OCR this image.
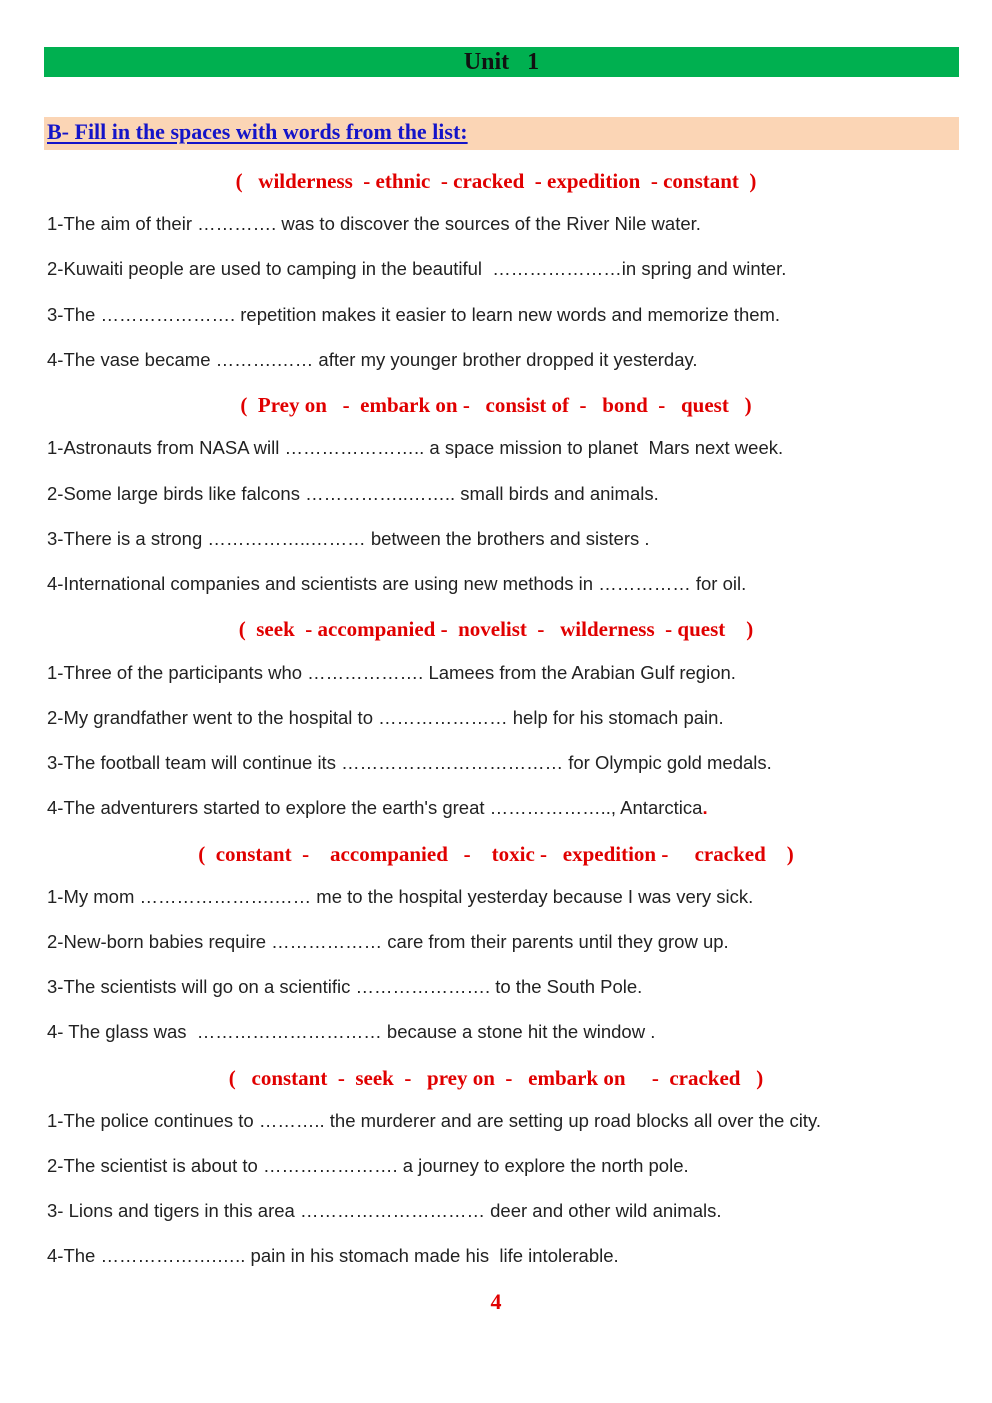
Unit 1
B- Fill in the spaces with words from the list:
(   wilderness  - ethnic  - cracked  - expedition  - constant  )
1-The aim of their …………. was to discover the sources of the River Nile water.
2-Kuwaiti people are used to camping in the beautiful  …………………in spring and winter.
3-The …………………. repetition makes it easier to learn new words and memorize them.
4-The vase became ……….…… after my younger brother dropped it yesterday.
(  Prey on   -  embark on -   consist of  -   bond  -   quest   )
1-Astronauts from NASA will ………………….. a space mission to planet  Mars next week.
2-Some large birds like falcons ……………..…….. small birds and animals.
3-There is a strong ……………..……… between the brothers and sisters .
4-International companies and scientists are using new methods in …………… for oil.
(  seek  - accompanied -  novelist  -   wilderness  - quest    )
1-Three of the participants who ………………. Lamees from the Arabian Gulf region.
2-My grandfather went to the hospital to ………………… help for his stomach pain.
3-The football team will continue its ……………………………… for Olympic gold medals.
4-The adventurers started to explore the earth's great ……………….., Antarctica.
(  constant  -    accompanied   -    toxic -   expedition -     cracked    )
1-My mom ………………….…… me to the hospital yesterday because I was very sick.
2-New-born babies require ……………… care from their parents until they grow up.
3-The scientists will go on a scientific …………………. to the South Pole.
4- The glass was  ………………………… because a stone hit the window .
(   constant  -  seek  -   prey on  -   embark on     -  cracked   )
1-The police continues to ……….. the murderer and are setting up road blocks all over the city.
2-The scientist is about to …………………. a journey to explore the north pole.
3- Lions and tigers in this area ………………………… deer and other wild animals.
4-The ……………….….. pain in his stomach made his  life intolerable.
4
